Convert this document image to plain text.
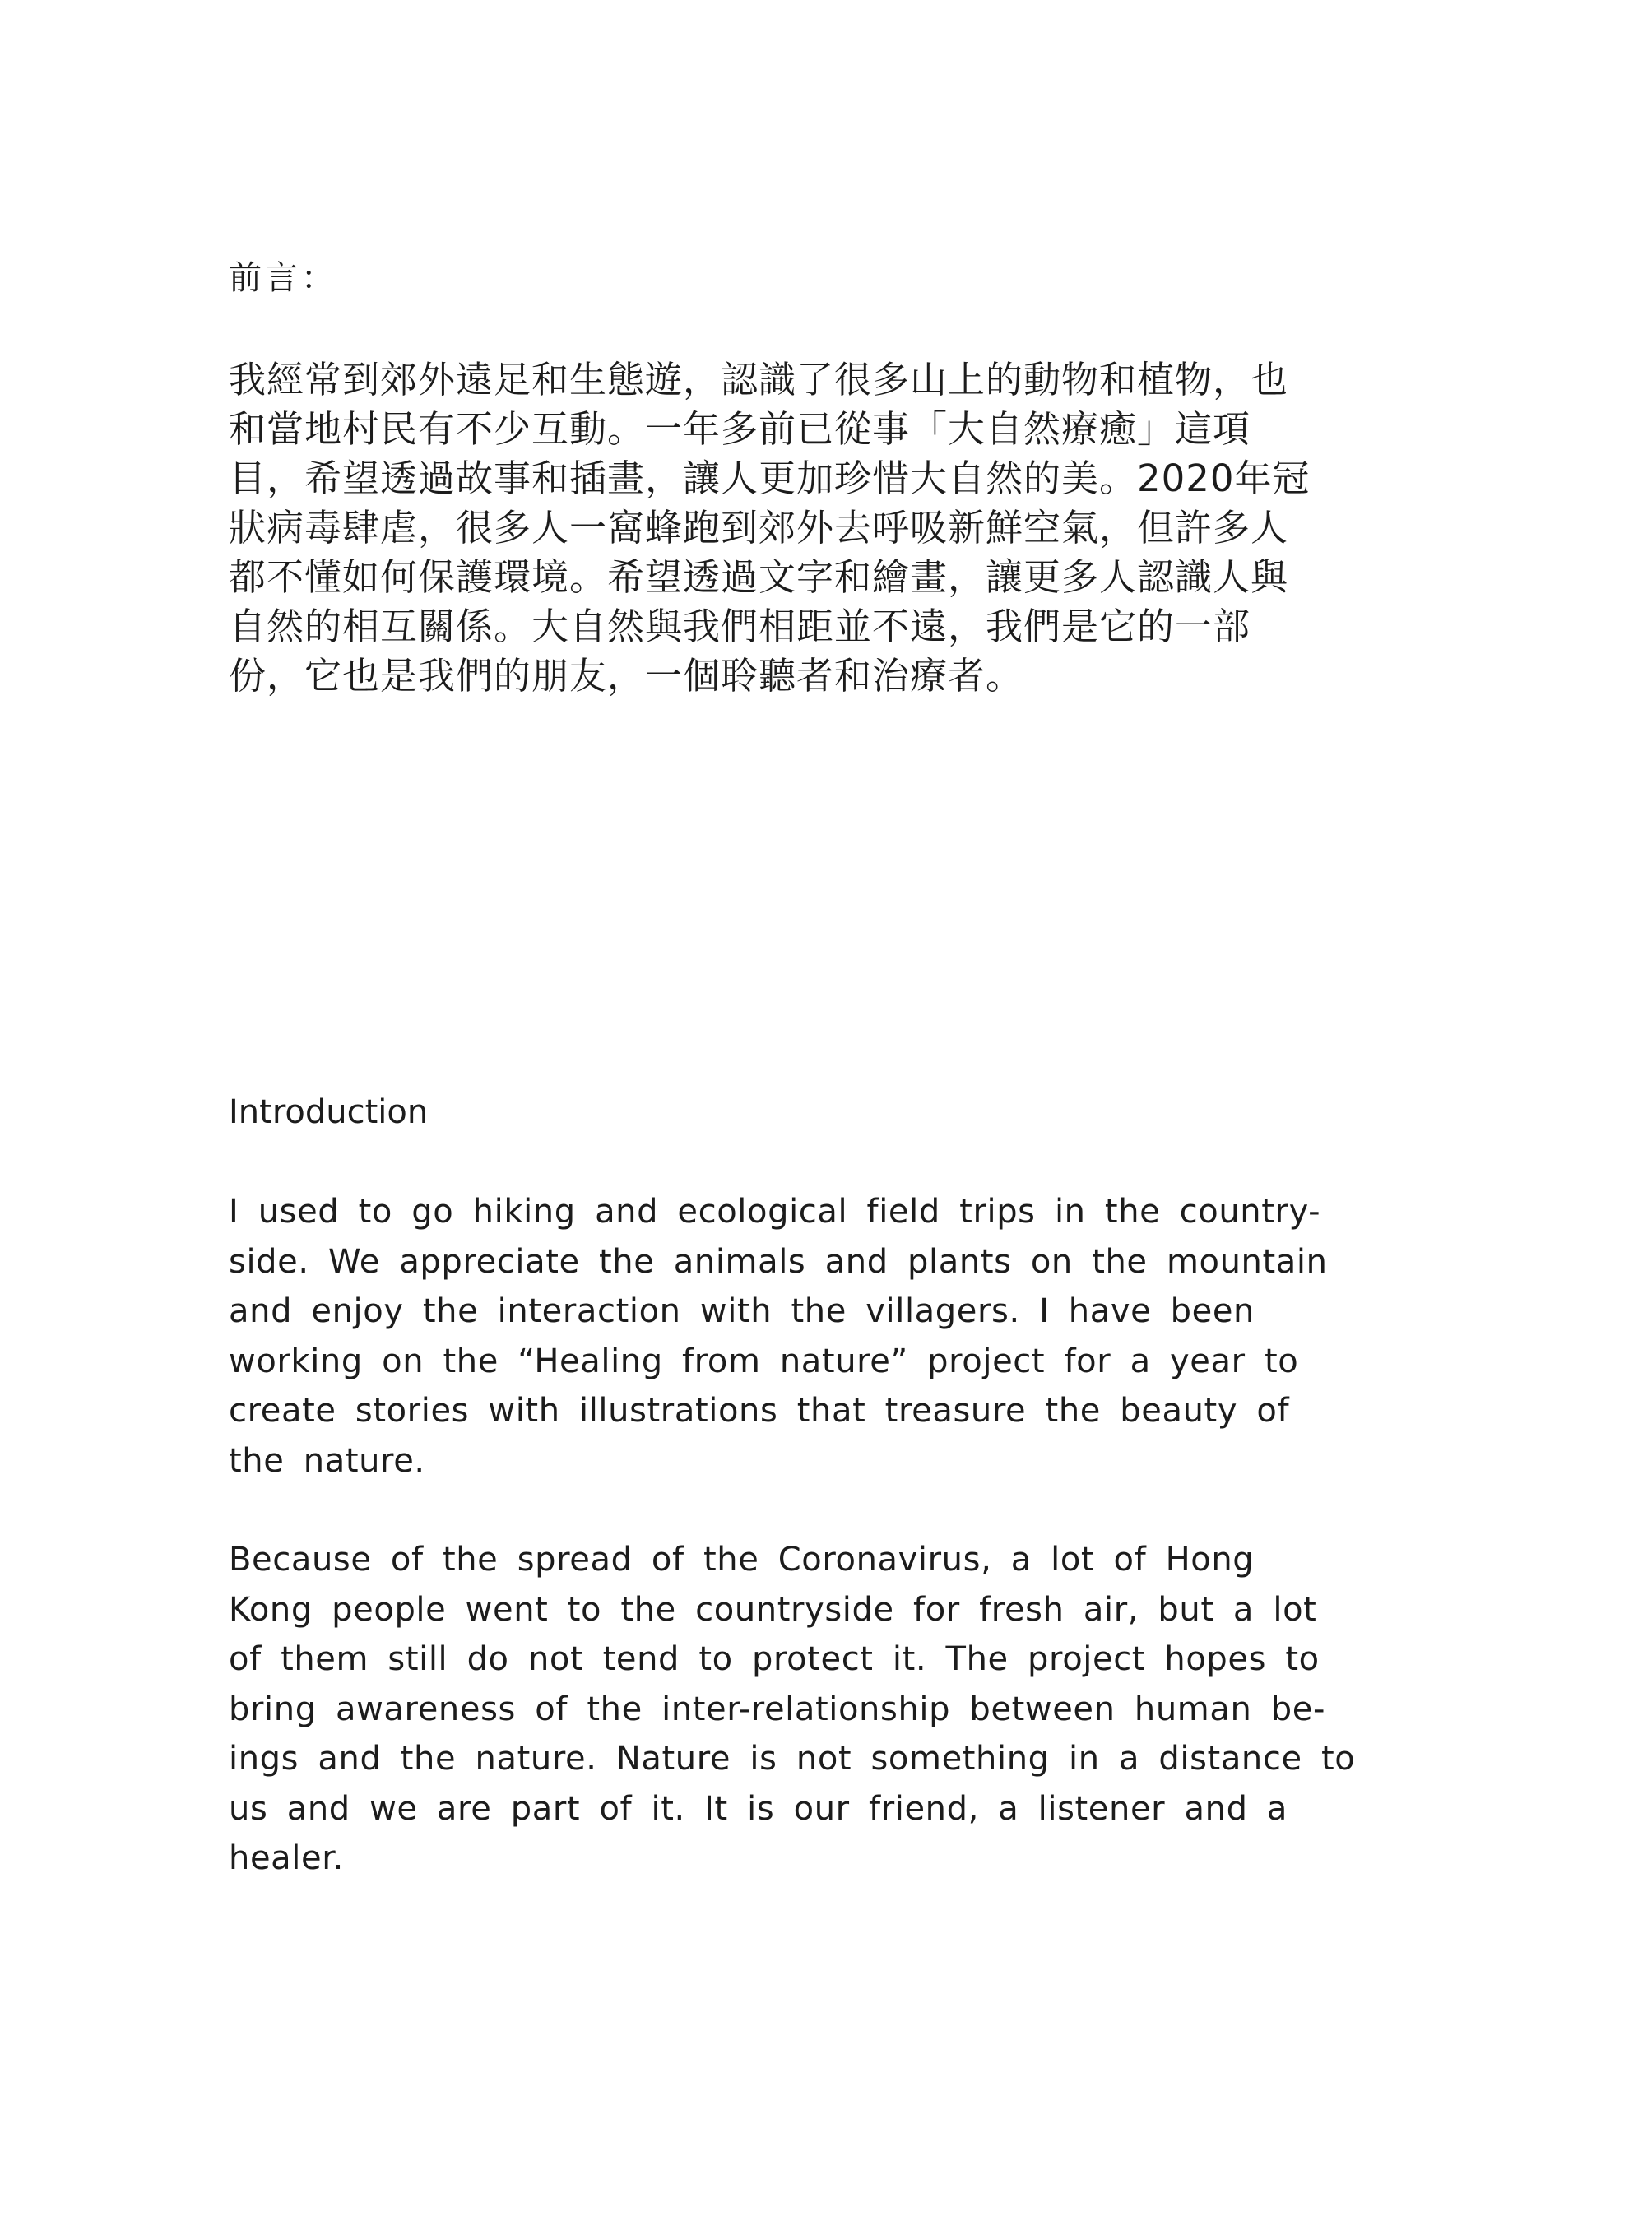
前言：
我經常到郊外遠足和生態遊，認識了很多山上的動物和植物，也
和當地村民有不少互動。一年多前已從事「大自然療癒」這項
目，希望透過故事和插畫，讓人更加珍惜大自然的美。2020年冠
狀病毒肆虐，很多人一窩蜂跑到郊外去呼吸新鮮空氣，但許多人
都不懂如何保護環境。希望透過文字和繪畫，讓更多人認識人與
自然的相互關係。大自然與我們相距並不遠，我們是它的一部
份，它也是我們的朋友，一個聆聽者和治療者。
Introduction
I used to go hiking and ecological field trips in the country-
side. We appreciate the animals and plants on the mountain
and enjoy the interaction with the villagers. I have been
working on the “Healing from nature” project for a year to
create stories with illustrations that treasure the beauty of
the nature.
Because of the spread of the Coronavirus, a lot of Hong
Kong people went to the countryside for fresh air, but a lot
of them still do not tend to protect it. The project hopes to
bring awareness of the inter-relationship between human be-
ings and the nature. Nature is not something in a distance to
us and we are part of it. It is our friend, a listener and a
healer.
